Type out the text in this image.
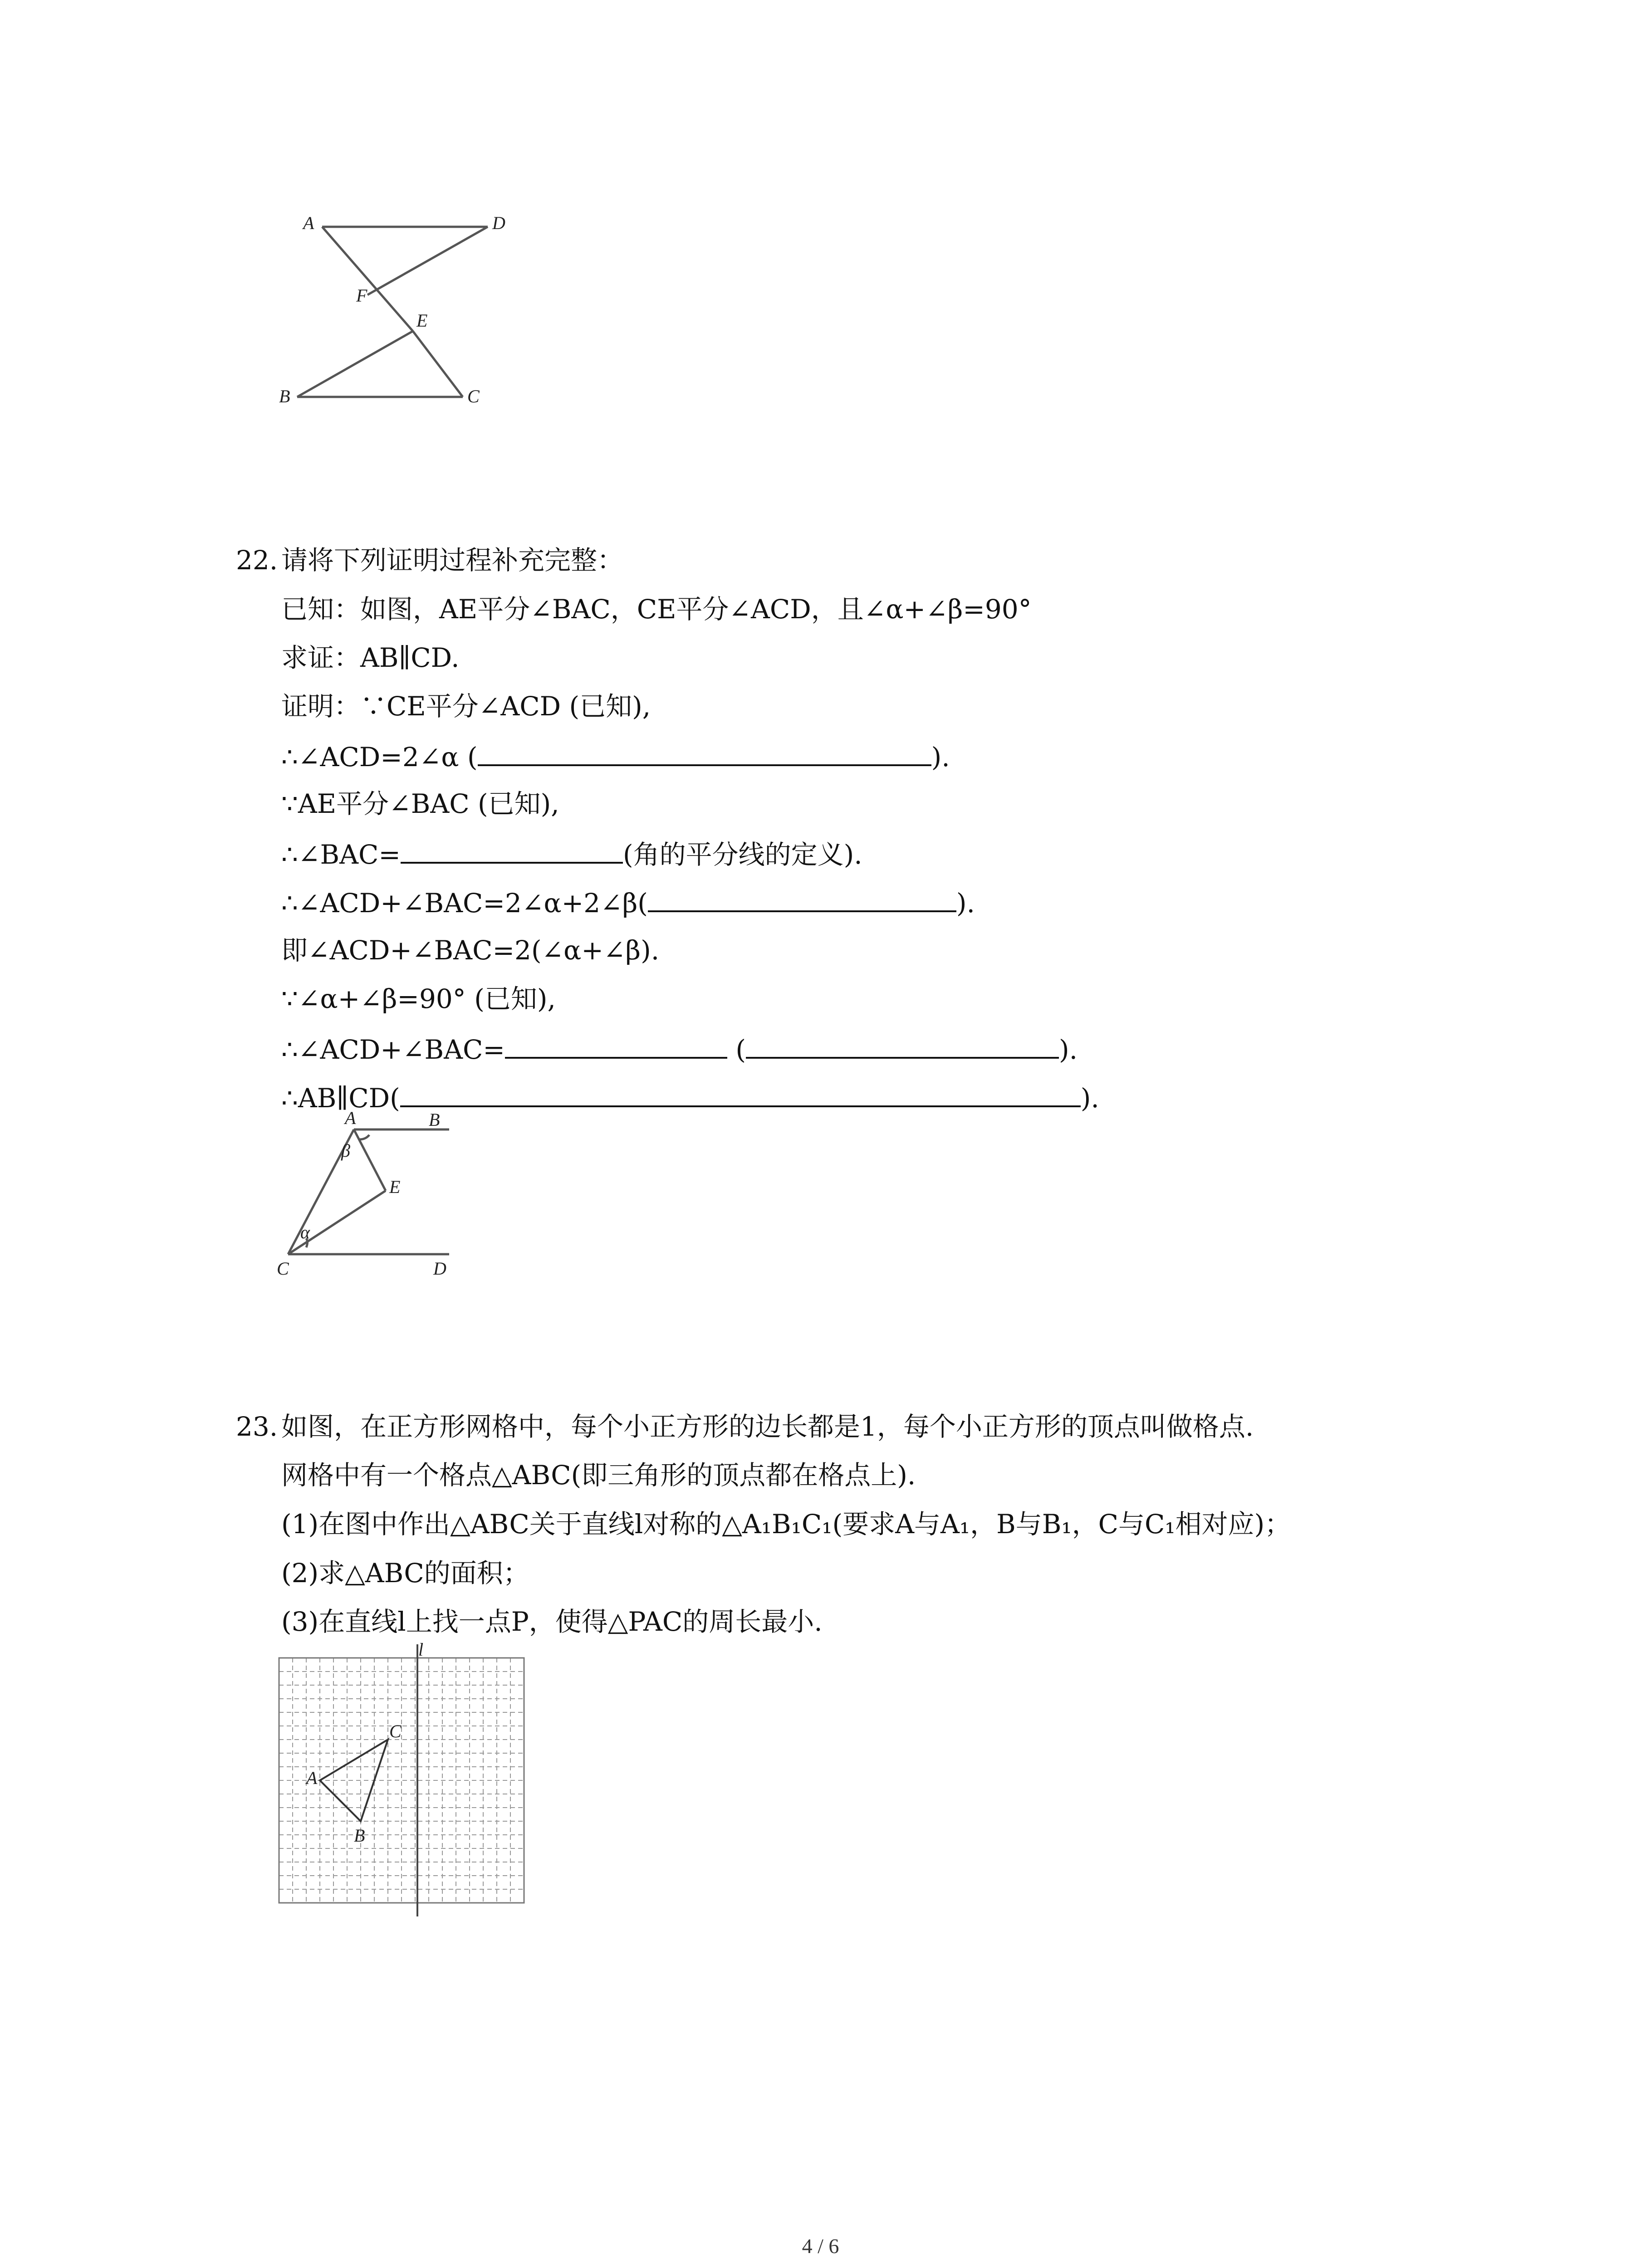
A	D
F
E
B	C
22. 请将下列证明过程补充完整：
已知：如图，AE平分∠BAC，CE平分∠ACD，且∠α+∠β=90°
求证：AB∥CD.
证明：∵CE平分∠ACD (已知),
∴∠ACD=2∠α (	).
∵AE平分∠BAC (已知),
∴∠BAC=	(角的平分线的定义).
∴∠ACD+∠BAC=2∠α+2∠β(	).
即∠ACD+∠BAC=2(∠α+∠β).
∵∠α+∠β=90° (已知),
∴∠ACD+∠BAC=	(	).
∴AB∥CD(	).
A	B
β
E
α
C	D
23. 如图，在正方形网格中，每个小正方形的边长都是1，每个小正方形的顶点叫做格点.
网格中有一个格点△ABC(即三角形的顶点都在格点上).
(1)在图中作出△ABC关于直线l对称的△A₁B₁C₁(要求A与A₁，B与B₁，C与C₁相对应)；
(2)求△ABC的面积；
(3)在直线l上找一点P，使得△PAC的周长最小.
l
C
A
B
4 / 6
